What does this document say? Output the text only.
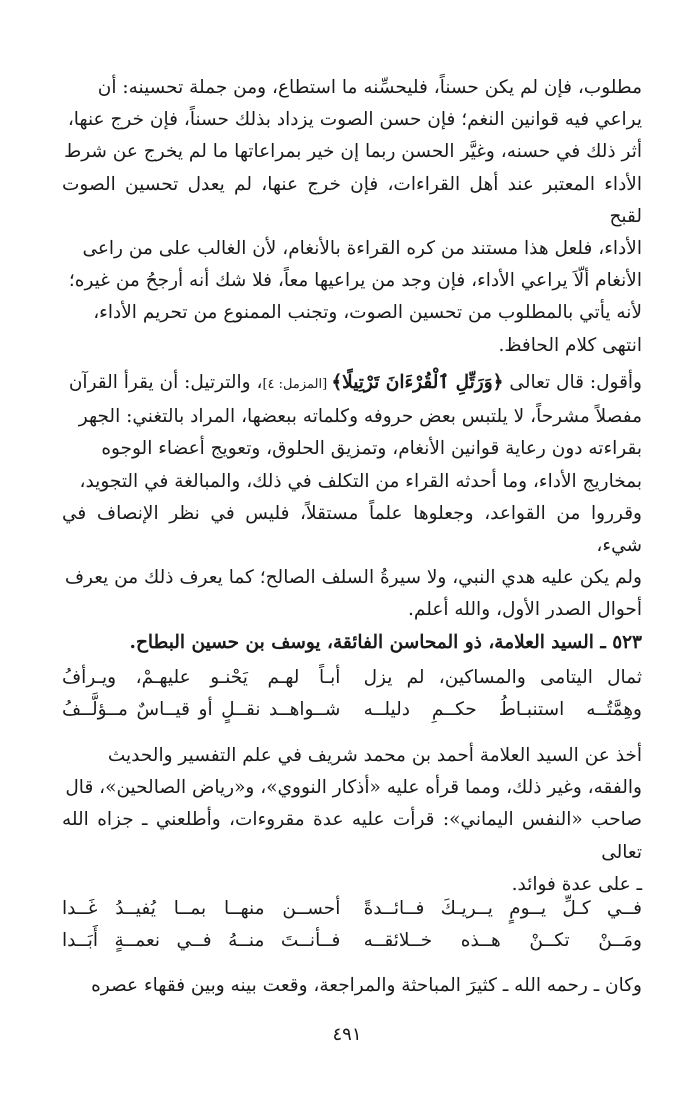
مطلوب، فإن لم يكن حسناً، فليحسِّنه ما استطاع، ومن جملة تحسينه: أن

يراعي فيه قوانين النغم؛ فإن حسن الصوت يزداد بذلك حسناً، فإن خرج عنها،

أثر ذلك في حسنه، وغيَّر الحسن ربما إن خير بمراعاتها ما لم يخرج عن شرط

الأداء المعتبر عند أهل القراءات، فإن خرج عنها، لم يعدل تحسين الصوت لقبح

الأداء، فلعل هذا مستند من كره القراءة بالأنغام، لأن الغالب على من راعى

الأنغام ألّاَ يراعي الأداء، فإن وجد من يراعيها معاً، فلا شك أنه أرجحُ من غيره؛

لأنه يأتي بالمطلوب من تحسين الصوت، وتجنب الممنوع من تحريم الأداء،

انتهى كلام الحافظ.

وأقول: قال تعالى ﴿وَرَتِّلِ ٱلْقُرْءَانَ تَرْتِيلًا﴾ [المزمل: ٤]، والترتيل: أن يقرأ القرآن

مفصلاً مشرحاً، لا يلتبس بعض حروفه وكلماته ببعضها، المراد بالتغني: الجهر

بقراءته دون رعاية قوانين الأنغام، وتمزيق الحلوق، وتعويج أعضاء الوجوه

بمخاريج الأداء، وما أحدثه القراء من التكلف في ذلك، والمبالغة في التجويد،

وقرروا من القواعد، وجعلوها علماً مستقلاً، فليس في نظر الإنصاف في شيء،

ولم يكن عليه هدي النبي، ولا سيرةُ السلف الصالح؛ كما يعرف ذلك من يعرف

أحوال الصدر الأول، والله أعلم.

٥٢٣ ـ السيد العلامة، ذو المحاسن الفائقة، يوسف بن حسين البطاح.
ثمال اليتامى والمساكين، لم يزل
أبـاً لهـم يَحْنـو عليهـمْ، ويـرأفُ
وهِمَّتُــه استنبـاطُ حكــمِ دليلــه
شــواهــد نقــلٍ أو قيــاسٌ مــؤلَّــفُ

أخذ عن السيد العلامة أحمد بن محمد شريف في علم التفسير والحديث

والفقه، وغير ذلك، ومما قرأه عليه «أذكار النووي»، و«رياض الصالحين»، قال

صاحب «النفس اليماني»: قرأت عليه عدة مقروءات، وأطلعني ـ جزاه الله تعالى

ـ على عدة فوائد.

فــي كـلِّ يــومٍ يــريـكَ فــائــدةً
أحســن منهــا بمــا يُفيــدُ غَــدا
ومَــنْ تكــنْ هــذه خــلائقــه
فــأنــتَ منــهُ فــي نعمــةٍ أَبَــدا

وكان ـ رحمه الله ـ كثيرَ المباحثة والمراجعة، وقعت بينه وبين فقهاء عصره

٤٩١
